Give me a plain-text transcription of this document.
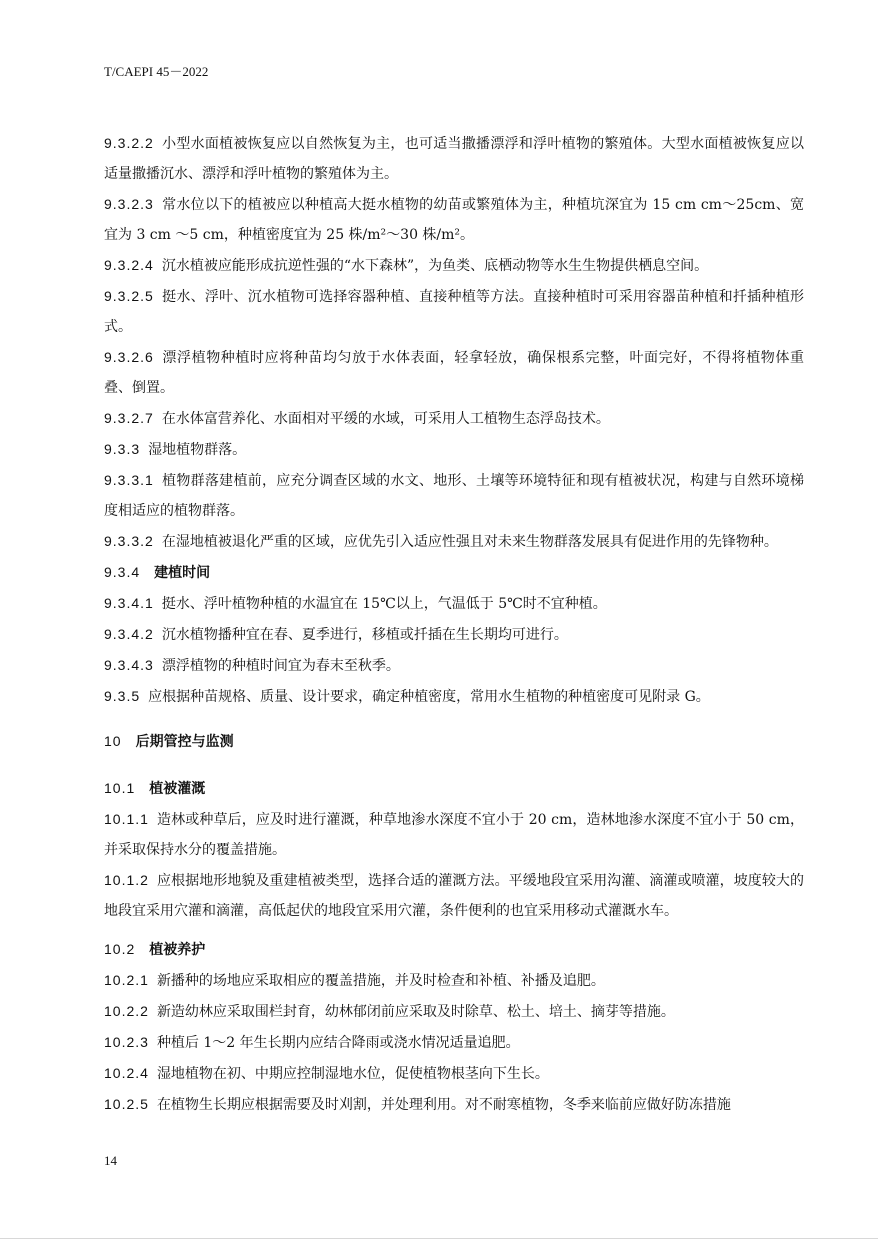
T/CAEPI 45－2022

9.3.2.2 小型水面植被恢复应以自然恢复为主，也可适当撒播漂浮和浮叶植物的繁殖体。大型水面植被恢复应以适量撒播沉水、漂浮和浮叶植物的繁殖体为主。

9.3.2.3 常水位以下的植被应以种植高大挺水植物的幼苗或繁殖体为主，种植坑深宜为 15 cm cm～25cm、宽宜为 3 cm ～5 cm，种植密度宜为 25 株/m²～30 株/m²。

9.3.2.4 沉水植被应能形成抗逆性强的“水下森林”，为鱼类、底栖动物等水生生物提供栖息空间。

9.3.2.5 挺水、浮叶、沉水植物可选择容器种植、直接种植等方法。直接种植时可采用容器苗种植和扦插种植形式。

9.3.2.6 漂浮植物种植时应将种苗均匀放于水体表面，轻拿轻放，确保根系完整，叶面完好，不得将植物体重叠、倒置。

9.3.2.7 在水体富营养化、水面相对平缓的水域，可采用人工植物生态浮岛技术。

9.3.3 湿地植物群落。

9.3.3.1 植物群落建植前，应充分调查区域的水文、地形、土壤等环境特征和现有植被状况，构建与自然环境梯度相适应的植物群落。

9.3.3.2 在湿地植被退化严重的区域，应优先引入适应性强且对未来生物群落发展具有促进作用的先锋物种。

9.3.4 建植时间

9.3.4.1 挺水、浮叶植物种植的水温宜在 15℃以上，气温低于 5℃时不宜种植。

9.3.4.2 沉水植物播种宜在春、夏季进行，移植或扦插在生长期均可进行。

9.3.4.3 漂浮植物的种植时间宜为春末至秋季。

9.3.5 应根据种苗规格、质量、设计要求，确定种植密度，常用水生植物的种植密度可见附录 G。

10 后期管控与监测

10.1 植被灌溉

10.1.1 造林或种草后，应及时进行灌溉，种草地渗水深度不宜小于 20 cm，造林地渗水深度不宜小于 50 cm，并采取保持水分的覆盖措施。

10.1.2 应根据地形地貌及重建植被类型，选择合适的灌溉方法。平缓地段宜采用沟灌、滴灌或喷灌，坡度较大的地段宜采用穴灌和滴灌，高低起伏的地段宜采用穴灌，条件便利的也宜采用移动式灌溉水车。

10.2 植被养护

10.2.1 新播种的场地应采取相应的覆盖措施，并及时检查和补植、补播及追肥。

10.2.2 新造幼林应采取围栏封育，幼林郁闭前应采取及时除草、松土、培土、摘芽等措施。

10.2.3 种植后 1～2 年生长期内应结合降雨或浇水情况适量追肥。

10.2.4 湿地植物在初、中期应控制湿地水位，促使植物根茎向下生长。

10.2.5 在植物生长期应根据需要及时刈割，并处理利用。对不耐寒植物，冬季来临前应做好防冻措施

14
